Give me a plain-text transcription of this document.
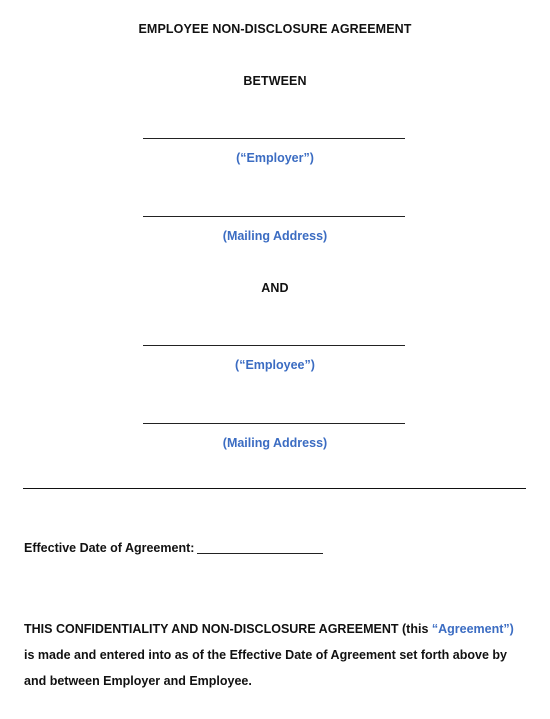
EMPLOYEE NON-DISCLOSURE AGREEMENT
BETWEEN
(“Employer”)
(Mailing Address)
AND
(“Employee”)
(Mailing Address)
Effective Date of Agreement:
THIS CONFIDENTIALITY AND NON-DISCLOSURE AGREEMENT (this “Agreement”) is made and entered into as of the Effective Date of Agreement set forth above by and between Employer and Employee.
